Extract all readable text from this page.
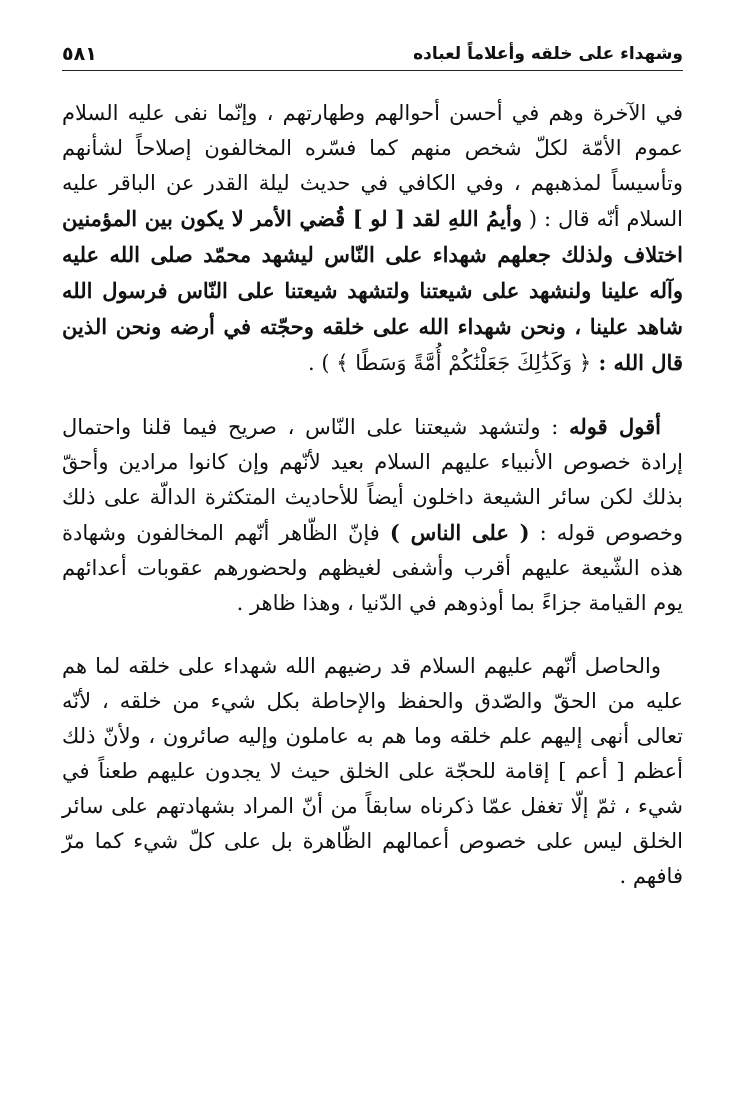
وشهداء على خلقه وأعلاماً لعباده
٥٨١

في الآخرة وهم في أحسن أحوالهم وطهارتهم ، وإنّما نفى عليه السلام عموم الأمّة لكلّ شخص منهم كما فسّره المخالفون إصلاحاً لشأنهم وتأسيساً لمذهبهم ، وفي الكافي في حديث ليلة القدر عن الباقر عليه السلام أنّه قال : ( وأيمُ اللهِ لقد [ لو ] قُضي الأمر لا يكون بين المؤمنين اختلاف ولذلك جعلهم شهداء على النّاس ليشهد محمّد صلى الله عليه وآله علينا ولنشهد على شيعتنا ولتشهد شيعتنا على النّاس فرسول الله شاهد علينا ، ونحن شهداء الله على خلقه وحجّته في أرضه ونحن الذين قال الله : ﴿ وَكَذَٰلِكَ جَعَلْنَٰكُمْ أُمَّةً وَسَطًا ﴾ ) .

أقول قوله : ولتشهد شيعتنا على النّاس ، صريح فيما قلنا واحتمال إرادة خصوص الأنبياء عليهم السلام بعيد لأنّهم وإن كانوا مرادين وأحقّ بذلك لكن سائر الشيعة داخلون أيضاً للأحاديث المتكثرة الدالّة على ذلك وخصوص قوله : ( على الناس ) فإنّ الظّاهر أنّهم المخالفون وشهادة هذه الشّيعة عليهم أقرب وأشفى لغيظهم ولحضورهم عقوبات أعدائهم يوم القيامة جزاءً بما أوذوهم في الدّنيا ، وهذا ظاهر .

والحاصل أنّهم عليهم السلام قد رضيهم الله شهداء على خلقه لما هم عليه من الحقّ والصّدق والحفظ والإحاطة بكل شيء من خلقه ، لأنّه تعالى أنهى إليهم علم خلقه وما هم به عاملون وإليه صائرون ، ولأنّ ذلك أعظم [ أعم ] إقامة للحجّة على الخلق حيث لا يجدون عليهم طعناً في شيء ، ثمّ إلّا تغفل عمّا ذكرناه سابقاً من أنّ المراد بشهادتهم على سائر الخلق ليس على خصوص أعمالهم الظّاهرة بل على كلّ شيء كما مرّ فافهم .
